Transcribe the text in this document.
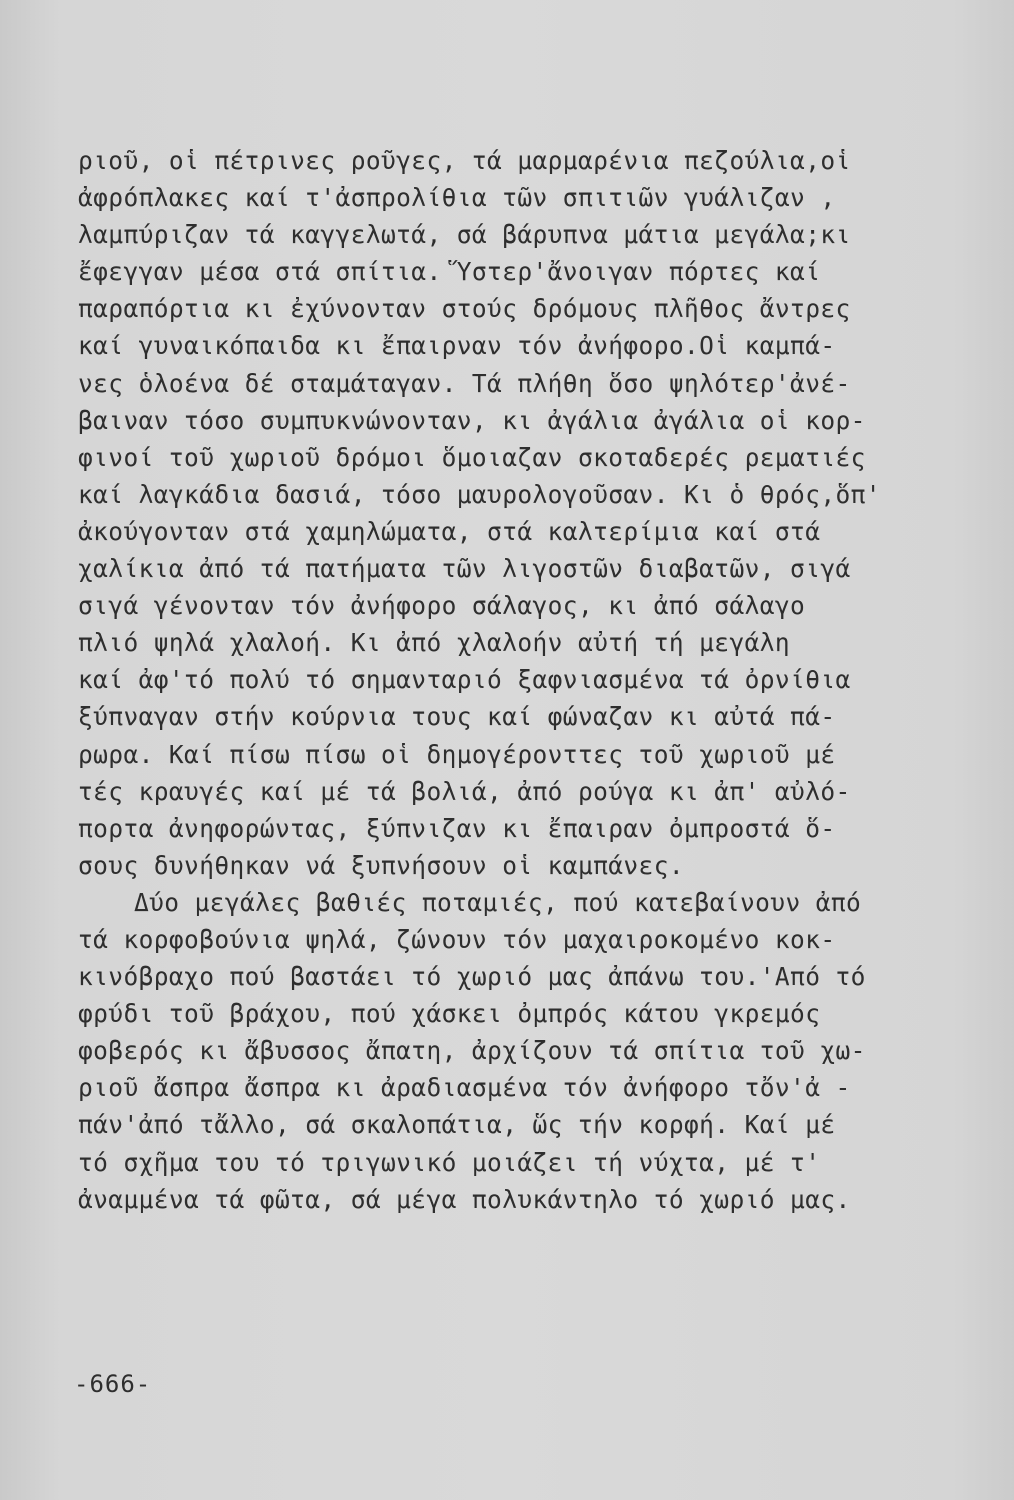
ριοῦ, οἱ πέτρινες ροῦγες, τά μαρμαρένια πεζούλια,οἱ
ἀφρόπλακες καί τ'ἀσπρολίθια τῶν σπιτιῶν γυάλιζαν ,
λαμπύριζαν τά καγγελωτά, σά βάρυπνα μάτια μεγάλα;κι
ἔφεγγαν μέσα στά σπίτια. Ὕστερ'ἄνοιγαν πόρτες καί
παραπόρτια κι ἐχύνονταν στούς δρόμους πλῆθος ἄντρες
καί γυναικόπαιδα κι ἔπαιρναν τόν ἀνήφορο.Οἱ καμπά-
νες ὁλοένα δέ σταμάταγαν. Τά πλήθη ὅσο ψηλότερ'ἀνέ-
βαιναν τόσο συμπυκνώνονταν, κι ἀγάλια ἀγάλια οἱ κορ-
φινοί τοῦ χωριοῦ δρόμοι ὅμοιαζαν σκοταδερές ρεματιές
καί λαγκάδια δασιά, τόσο μαυρολογοῦσαν. Κι ὁ θρός,ὅπ'
ἀκούγονταν στά χαμηλώματα, στά καλτερίμια καί στά
χαλίκια ἀπό τά πατήματα τῶν λιγοστῶν διαβατῶν, σιγά
σιγά γένονταν τόν ἀνήφορο σάλαγος, κι ἀπό σάλαγο
πλιό ψηλά χλαλοή. Κι ἀπό χλαλοήν αὐτή τή μεγάλη
καί ἀφ'τό πολύ τό σημανταριό ξαφνιασμένα τά ὀρνίθια
ξύπναγαν στήν κούρνια τους καί φώναζαν κι αὐτά πά-
ρωρα. Καί πίσω πίσω οἱ δημογέρονττες τοῦ χωριοῦ μέ
τές κραυγές καί μέ τά βολιά, ἀπό ρούγα κι ἀπ' αὐλό-
πορτα ἀνηφορώντας, ξύπνιζαν κι ἔπαιραν ὀμπροστά ὅ-
σους δυνήθηκαν νά ξυπνήσουν οἱ καμπάνες.
Δύο μεγάλες βαθιές ποταμιές, πού κατεβαίνουν ἀπό
τά κορφοβούνια ψηλά, ζώνουν τόν μαχαιροκομένο κοκ-
κινόβραχο πού βαστάει τό χωριό μας ἀπάνω του.'Από τό
φρύδι τοῦ βράχου, πού χάσκει ὀμπρός κάτου γκρεμός
φοβερός κι ἄβυσσος ἄπατη, ἀρχίζουν τά σπίτια τοῦ χω-
ριοῦ ἄσπρα ἄσπρα κι ἀραδιασμένα τόν ἀνήφορο τὄν'ἀ -
πάν'ἀπό τἄλλο, σά σκαλοπάτια, ὥς τήν κορφή. Καί μέ
τό σχῆμα του τό τριγωνικό μοιάζει τή νύχτα, μέ τ'
ἀναμμένα τά φῶτα, σά μέγα πολυκάντηλο τό χωριό μας.
-666-
